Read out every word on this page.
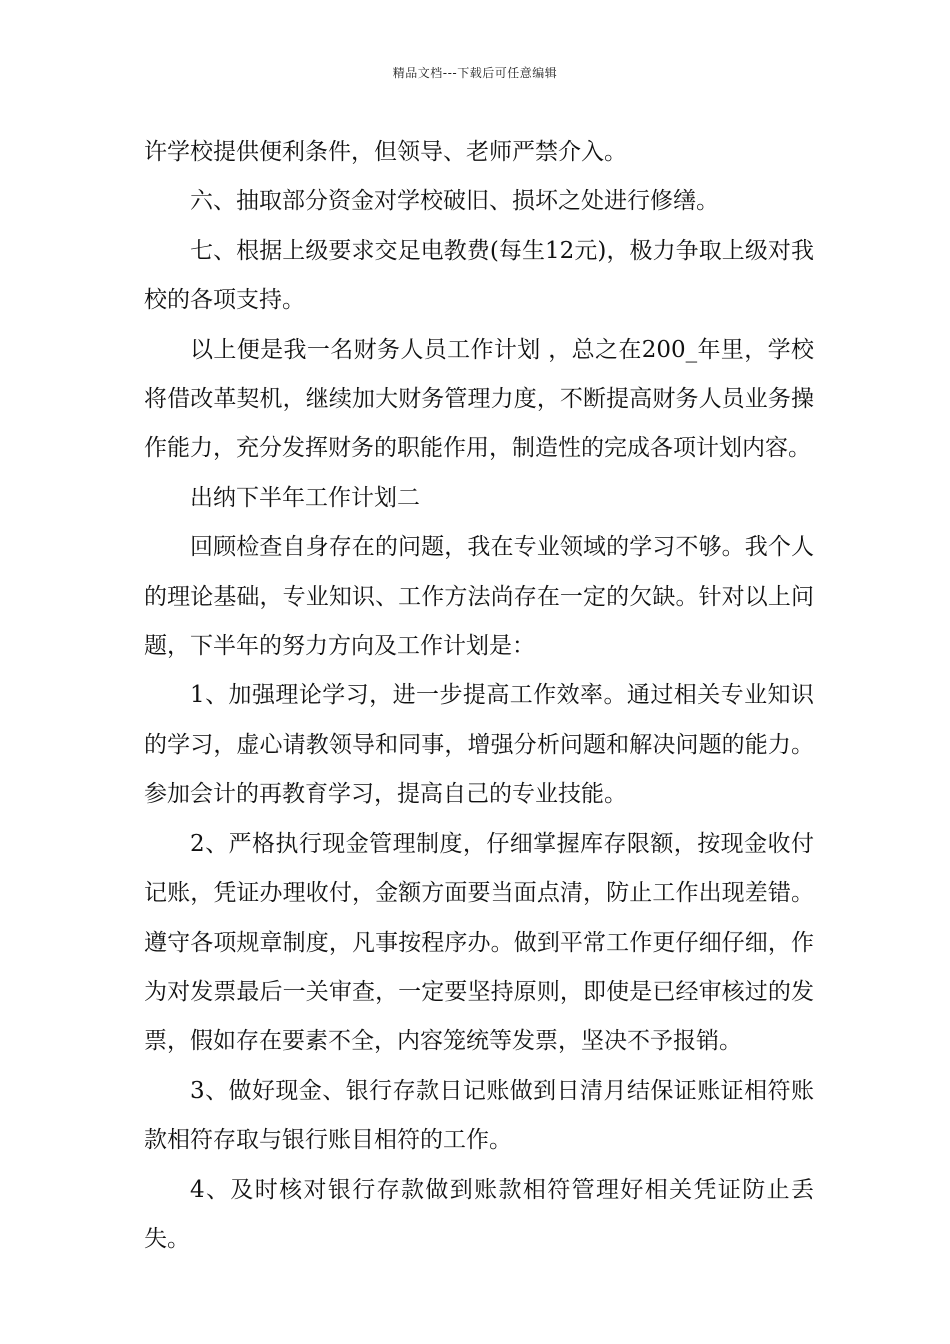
精品文档---下载后可任意编辑

许学校提供便利条件，但领导、老师严禁介入。

六、抽取部分资金对学校破旧、损坏之处进行修缮。

七、根据上级要求交足电教费(每生12元)，极力争取上级对我校的各项支持。

以上便是我一名财务人员工作计划 ，总之在200_年里，学校将借改革契机，继续加大财务管理力度，不断提高财务人员业务操作能力，充分发挥财务的职能作用，制造性的完成各项计划内容。

出纳下半年工作计划二

回顾检查自身存在的问题，我在专业领域的学习不够。我个人的理论基础，专业知识、工作方法尚存在一定的欠缺。针对以上问题，下半年的努力方向及工作计划是：

1、加强理论学习，进一步提高工作效率。通过相关专业知识的学习，虚心请教领导和同事，增强分析问题和解决问题的能力。参加会计的再教育学习，提高自己的专业技能。

2、严格执行现金管理制度，仔细掌握库存限额，按现金收付记账，凭证办理收付，金额方面要当面点清，防止工作出现差错。遵守各项规章制度，凡事按程序办。做到平常工作更仔细仔细，作为对发票最后一关审查，一定要坚持原则，即使是已经审核过的发票，假如存在要素不全，内容笼统等发票，坚决不予报销。

3、做好现金、银行存款日记账做到日清月结保证账证相符账款相符存取与银行账目相符的工作。

4、及时核对银行存款做到账款相符管理好相关凭证防止丢失。
